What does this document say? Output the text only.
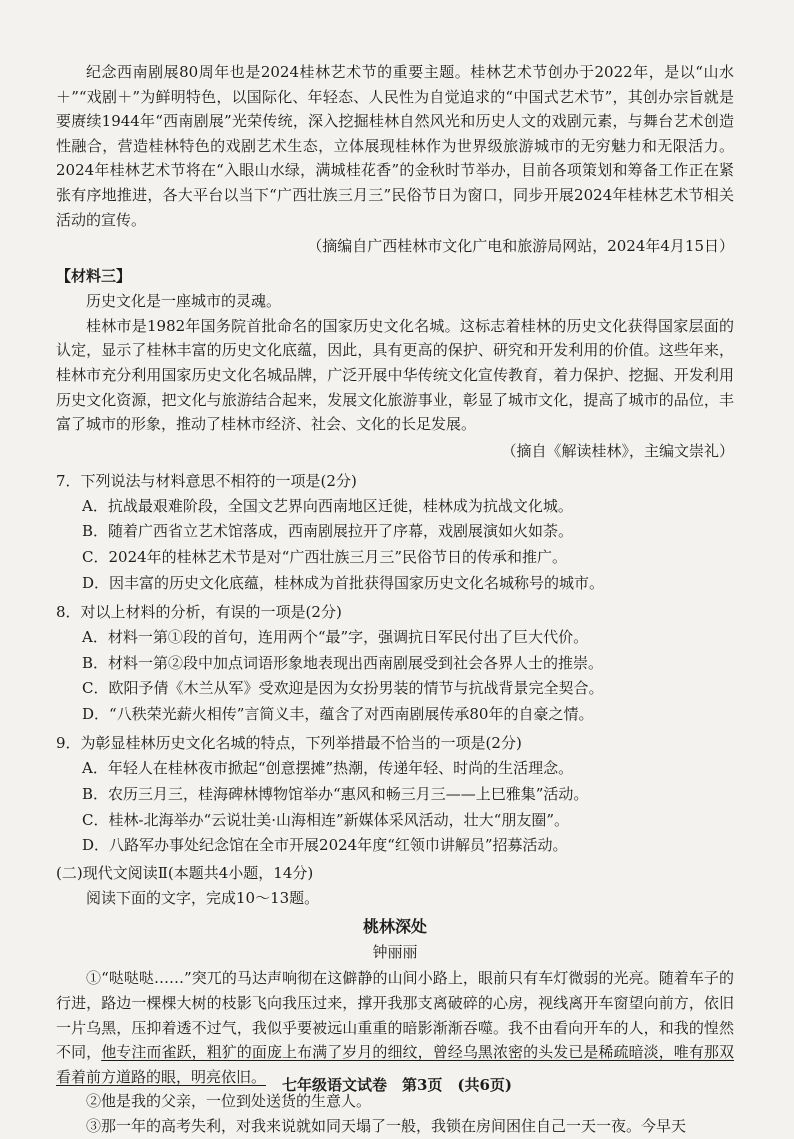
纪念西南剧展80周年也是2024桂林艺术节的重要主题。桂林艺术节创办于2022年，是以“山水＋”“戏剧＋”为鲜明特色，以国际化、年轻态、人民性为自觉追求的“中国式艺术节”，其创办宗旨就是要赓续1944年“西南剧展”光荣传统，深入挖掘桂林自然风光和历史人文的戏剧元素，与舞台艺术创造性融合，营造桂林特色的戏剧艺术生态，立体展现桂林作为世界级旅游城市的无穷魅力和无限活力。2024年桂林艺术节将在“入眼山水绿，满城桂花香”的金秋时节举办，目前各项策划和筹备工作正在紧张有序地推进，各大平台以当下“广西壮族三月三”民俗节日为窗口，同步开展2024年桂林艺术节相关活动的宣传。

（摘编自广西桂林市文化广电和旅游局网站，2024年4月15日）

【材料三】

历史文化是一座城市的灵魂。

桂林市是1982年国务院首批命名的国家历史文化名城。这标志着桂林的历史文化获得国家层面的认定，显示了桂林丰富的历史文化底蕴，因此，具有更高的保护、研究和开发利用的价值。这些年来，桂林市充分利用国家历史文化名城品牌，广泛开展中华传统文化宣传教育，着力保护、挖掘、开发利用历史文化资源，把文化与旅游结合起来，发展文化旅游事业，彰显了城市文化，提高了城市的品位，丰富了城市的形象，推动了桂林市经济、社会、文化的长足发展。

（摘自《解读桂林》，主编文崇礼）

7．下列说法与材料意思不相符的一项是(2分)

A．抗战最艰难阶段，全国文艺界向西南地区迁徙，桂林成为抗战文化城。

B．随着广西省立艺术馆落成，西南剧展拉开了序幕，戏剧展演如火如荼。

C．2024年的桂林艺术节是对“广西壮族三月三”民俗节日的传承和推广。

D．因丰富的历史文化底蕴，桂林成为首批获得国家历史文化名城称号的城市。

8．对以上材料的分析，有误的一项是(2分)

A．材料一第①段的首句，连用两个“最”字，强调抗日军民付出了巨大代价。

B．材料一第②段中加点词语形象地表现出西南剧展受到社会各界人士的推崇。

C．欧阳予倩《木兰从军》受欢迎是因为女扮男装的情节与抗战背景完全契合。

D．“八秩荣光薪火相传”言简义丰，蕴含了对西南剧展传承80年的自豪之情。

9．为彰显桂林历史文化名城的特点，下列举措最不恰当的一项是(2分)

A．年轻人在桂林夜市掀起“创意摆摊”热潮，传递年轻、时尚的生活理念。

B．农历三月三，桂海碑林博物馆举办“惠风和畅三月三——上巳雅集”活动。

C．桂林-北海举办“云说壮美·山海相连”新媒体采风活动，壮大“朋友圈”。

D．八路军办事处纪念馆在全市开展2024年度“红领巾讲解员”招募活动。

(二)现代文阅读Ⅱ(本题共4小题，14分)

阅读下面的文字，完成10～13题。

桃林深处

钟丽丽

①“哒哒哒……”突兀的马达声响彻在这僻静的山间小路上，眼前只有车灯微弱的光亮。随着车子的行进，路边一棵棵大树的枝影飞向我压过来，撑开我那支离破碎的心房，视线离开车窗望向前方，依旧一片乌黑，压抑着透不过气，我似乎要被远山重重的暗影渐渐吞噬。我不由看向开车的人，和我的惶然不同，他专注而雀跃，粗犷的面庞上布满了岁月的细纹，曾经乌黑浓密的头发已是稀疏暗淡，唯有那双看着前方道路的眼，明亮依旧。

②他是我的父亲，一位到处送货的生意人。

③那一年的高考失利，对我来说就如同天塌了一般，我锁在房间困住自己一天一夜。今早天

七年级语文试卷　第3页　(共6页)
